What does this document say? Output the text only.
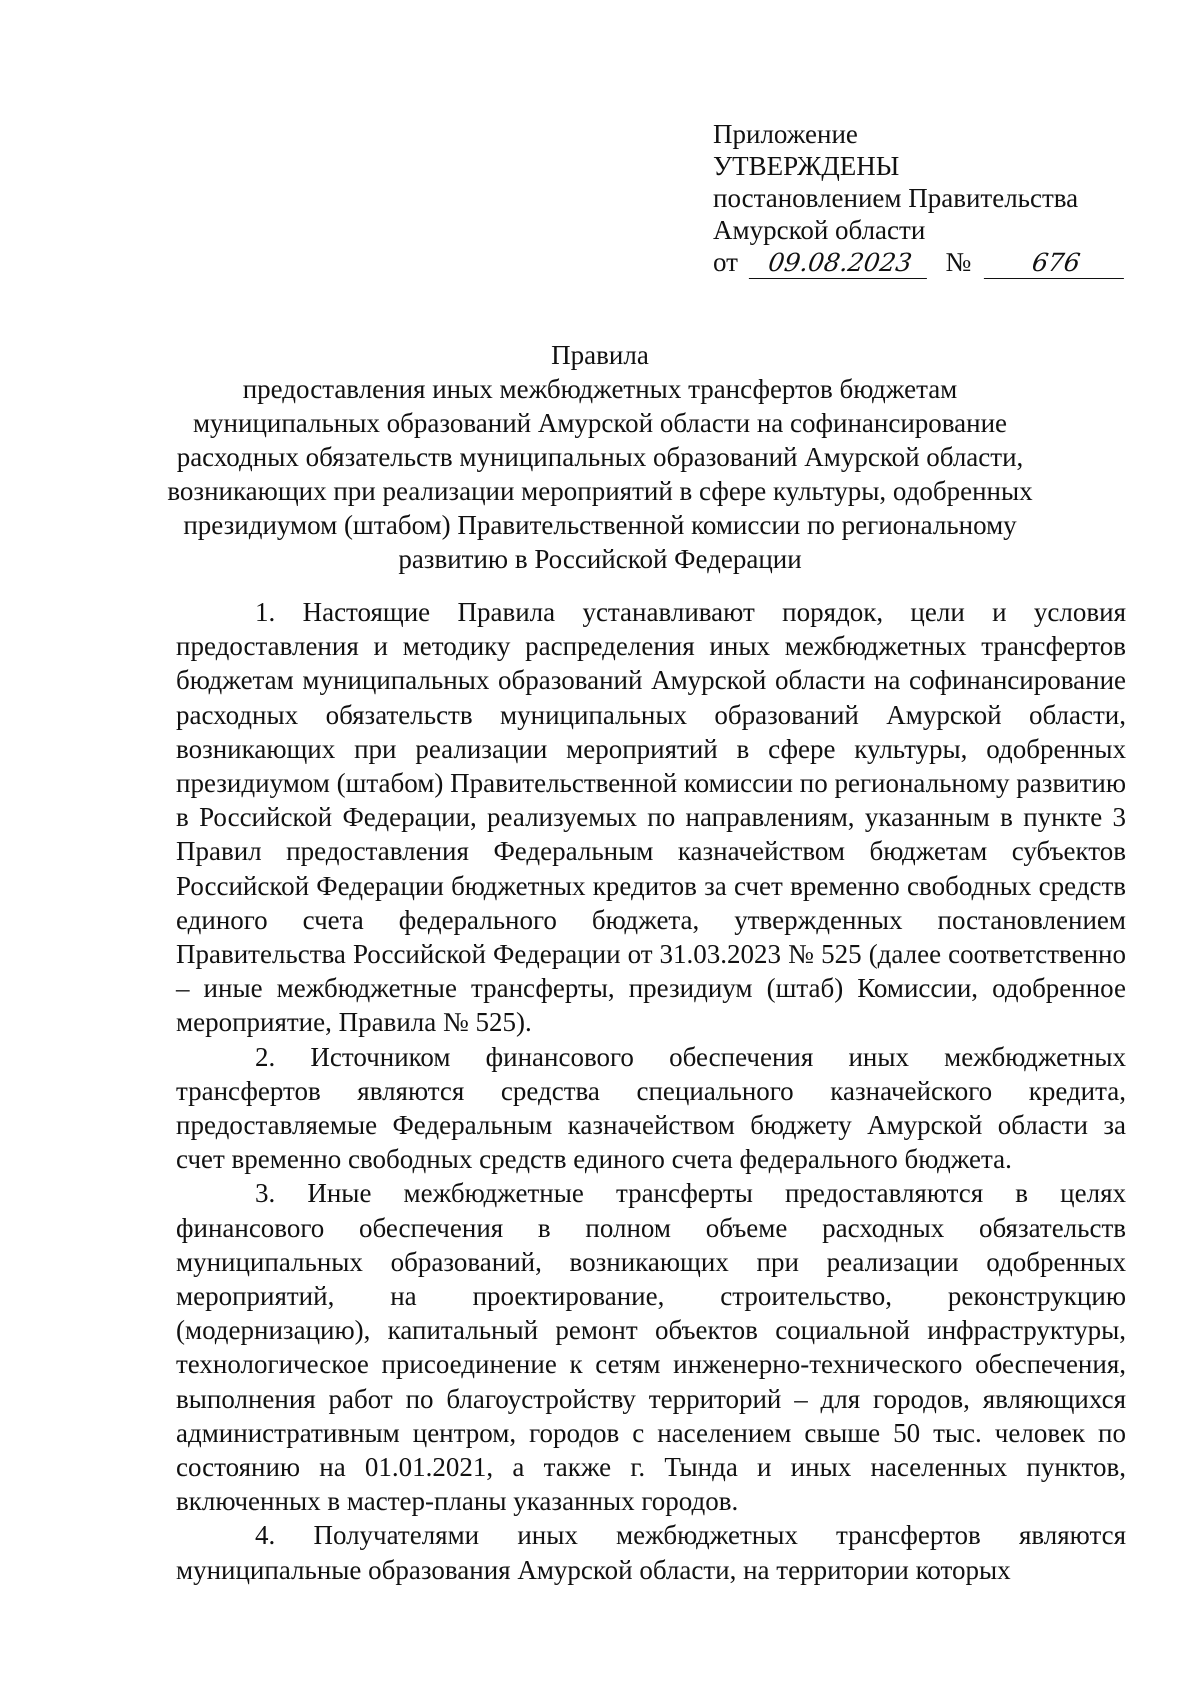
Приложение
УТВЕРЖДЕНЫ
постановлением Правительства
Амурской области
от 09.08.2023 № 676
Правила
предоставления иных межбюджетных трансфертов бюджетам
муниципальных образований Амурской области на софинансирование
расходных обязательств муниципальных образований Амурской области,
возникающих при реализации мероприятий в сфере культуры, одобренных
президиумом (штабом) Правительственной комиссии по региональному
развитию в Российской Федерации

1. Настоящие Правила устанавливают порядок, цели и условия предоставления и методику распределения иных межбюджетных трансфертов бюджетам муниципальных образований Амурской области на софинансирование расходных обязательств муниципальных образований Амурской области, возникающих при реализации мероприятий в сфере культуры, одобренных президиумом (штабом) Правительственной комиссии по региональному развитию в Российской Федерации, реализуемых по направлениям, указанным в пункте 3 Правил предоставления Федеральным казначейством бюджетам субъектов Российской Федерации бюджетных кредитов за счет временно свободных средств единого счета федерального бюджета, утвержденных постановлением Правительства Российской Федерации от 31.03.2023 № 525 (далее соответственно – иные межбюджетные трансферты, президиум (штаб) Комиссии, одобренное мероприятие, Правила № 525).

2. Источником финансового обеспечения иных межбюджетных трансфертов являются средства специального казначейского кредита, предоставляемые Федеральным казначейством бюджету Амурской области за счет временно свободных средств единого счета федерального бюджета.

3. Иные межбюджетные трансферты предоставляются в целях финансового обеспечения в полном объеме расходных обязательств муниципальных образований, возникающих при реализации одобренных мероприятий, на проектирование, строительство, реконструкцию (модернизацию), капитальный ремонт объектов социальной инфраструктуры, технологическое присоединение к сетям инженерно-технического обеспечения, выполнения работ по благоустройству территорий – для городов, являющихся административным центром, городов с населением свыше 50 тыс. человек по состоянию на 01.01.2021, а также г. Тында и иных населенных пунктов, включенных в мастер-планы указанных городов.

4. Получателями иных межбюджетных трансфертов являются муниципальные образования Амурской области, на территории которых
